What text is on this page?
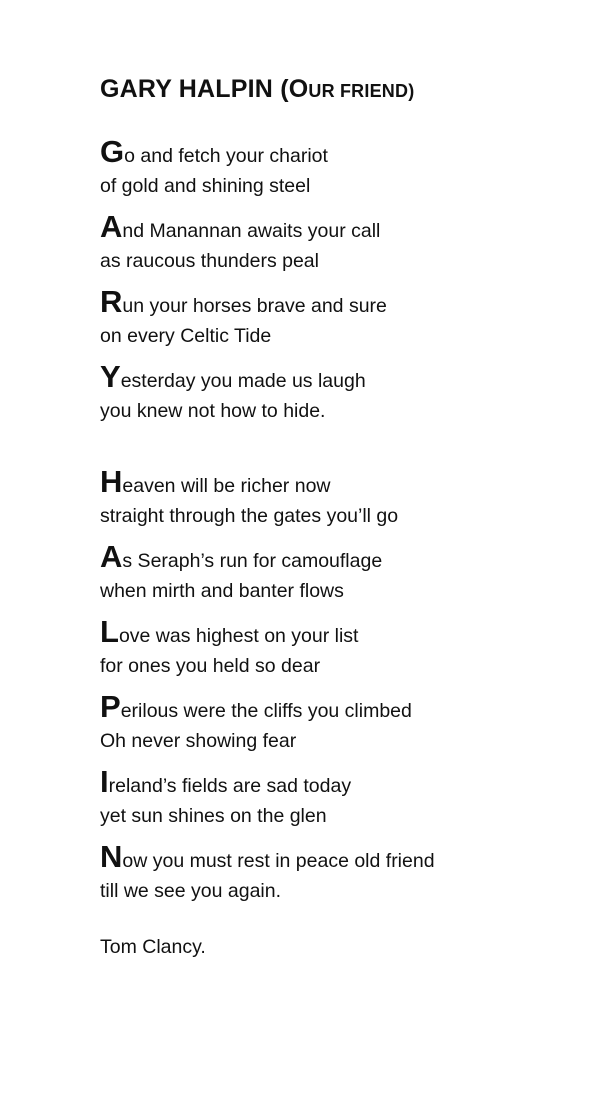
GARY HALPIN (OUR FRIEND)
Go and fetch your chariot
of gold and shining steel
And Manannan awaits your call
as raucous thunders peal
Run your horses brave and sure
on every Celtic Tide
Yesterday you made us laugh
you knew not how to hide.
Heaven will be richer now
straight through the gates you’ll go
As Seraph’s run for camouflage
when mirth and banter flows
Love was highest on your list
for ones you held so dear
Perilous were the cliffs you climbed
Oh never showing fear
Ireland’s fields are sad today
yet sun shines on the glen
Now you must rest in peace old friend
till we see you again.
Tom Clancy.
